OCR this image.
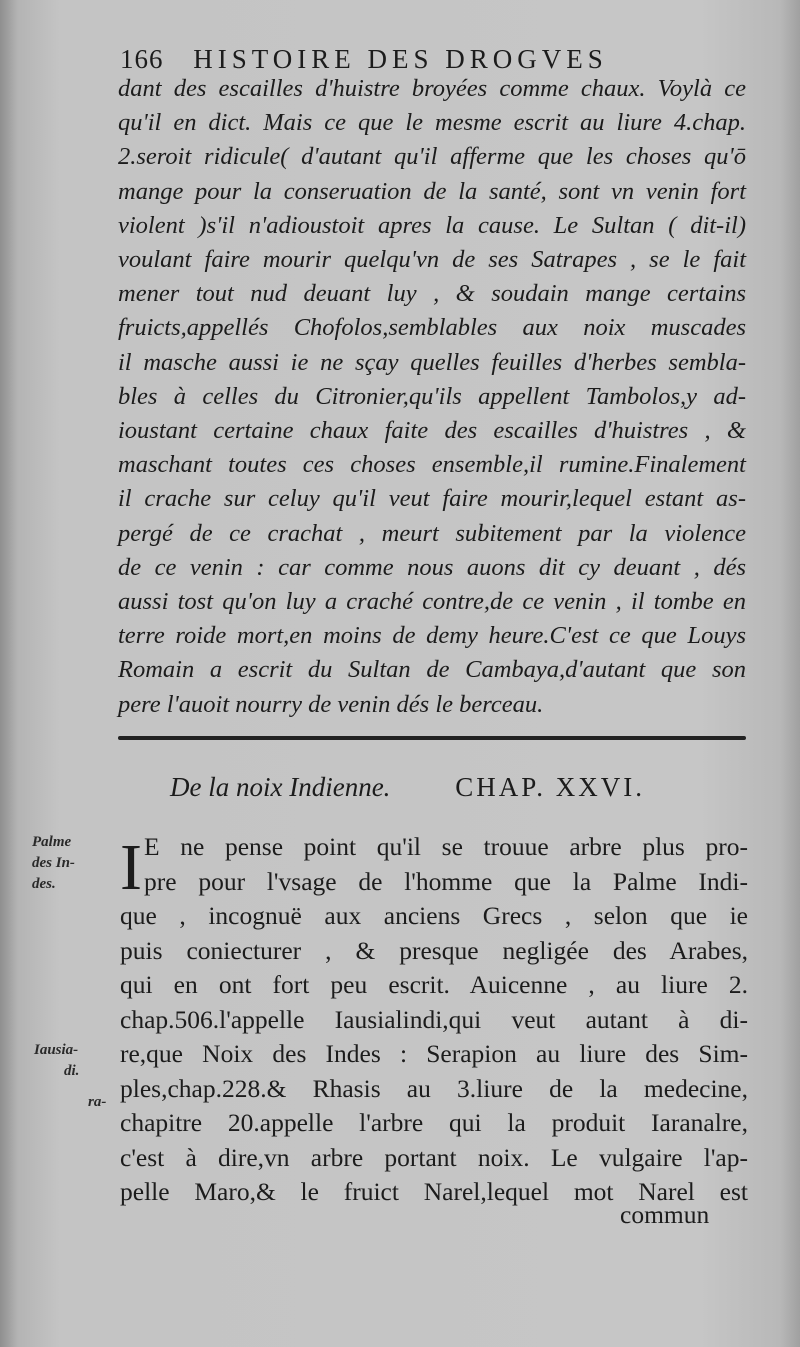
166 HISTOIRE DES DROGVES
dant des escailles d'huistre broyées comme chaux. Voylà ce
qu'il en dict. Mais ce que le mesme escrit au liure 4.chap.
2.seroit ridicule( d'autant qu'il afferme que les choses qu'ō
mange pour la conseruation de la santé, sont vn venin fort
violent )s'il n'adioustoit apres la cause. Le Sultan ( dit-il)
voulant faire mourir quelqu'vn de ses Satrapes , se le fait
mener tout nud deuant luy , & soudain mange certains
fruicts,appellés Chofolos,semblables aux noix muscades
il masche aussi ie ne sçay quelles feuilles d'herbes sembla-
bles à celles du Citronier,qu'ils appellent Tambolos,y ad-
ioustant certaine chaux faite des escailles d'huistres , &
maschant toutes ces choses ensemble,il rumine.Finalement
il crache sur celuy qu'il veut faire mourir,lequel estant as-
pergé de ce crachat , meurt subitement par la violence
de ce venin : car comme nous auons dit cy deuant , dés
aussi tost qu'on luy a craché contre,de ce venin , il tombe en
terre roide mort,en moins de demy heure.C'est ce que Louys
Romain a escrit du Sultan de Cambaya,d'autant que son
pere l'auoit nourry de venin dés le berceau.
De la noix Indienne. CHAP. XXVI.
Palme
des In-
des.
Iausia-
di.
ra-
I E ne pense point qu'il se trouue arbre plus pro-
pre pour l'vsage de l'homme que la Palme Indi-
que , incognuë aux anciens Grecs , selon que ie
puis coniecturer , & presque negligée des Arabes,
qui en ont fort peu escrit. Auicenne , au liure 2.
chap.506.l'appelle Iausialindi,qui veut autant à di-
re,que Noix des Indes : Serapion au liure des Sim-
ples,chap.228.& Rhasis au 3.liure de la medecine,
chapitre 20.appelle l'arbre qui la produit Iaranalre,
c'est à dire,vn arbre portant noix. Le vulgaire l'ap-
pelle Maro,& le fruict Narel,lequel mot Narel est
commun
